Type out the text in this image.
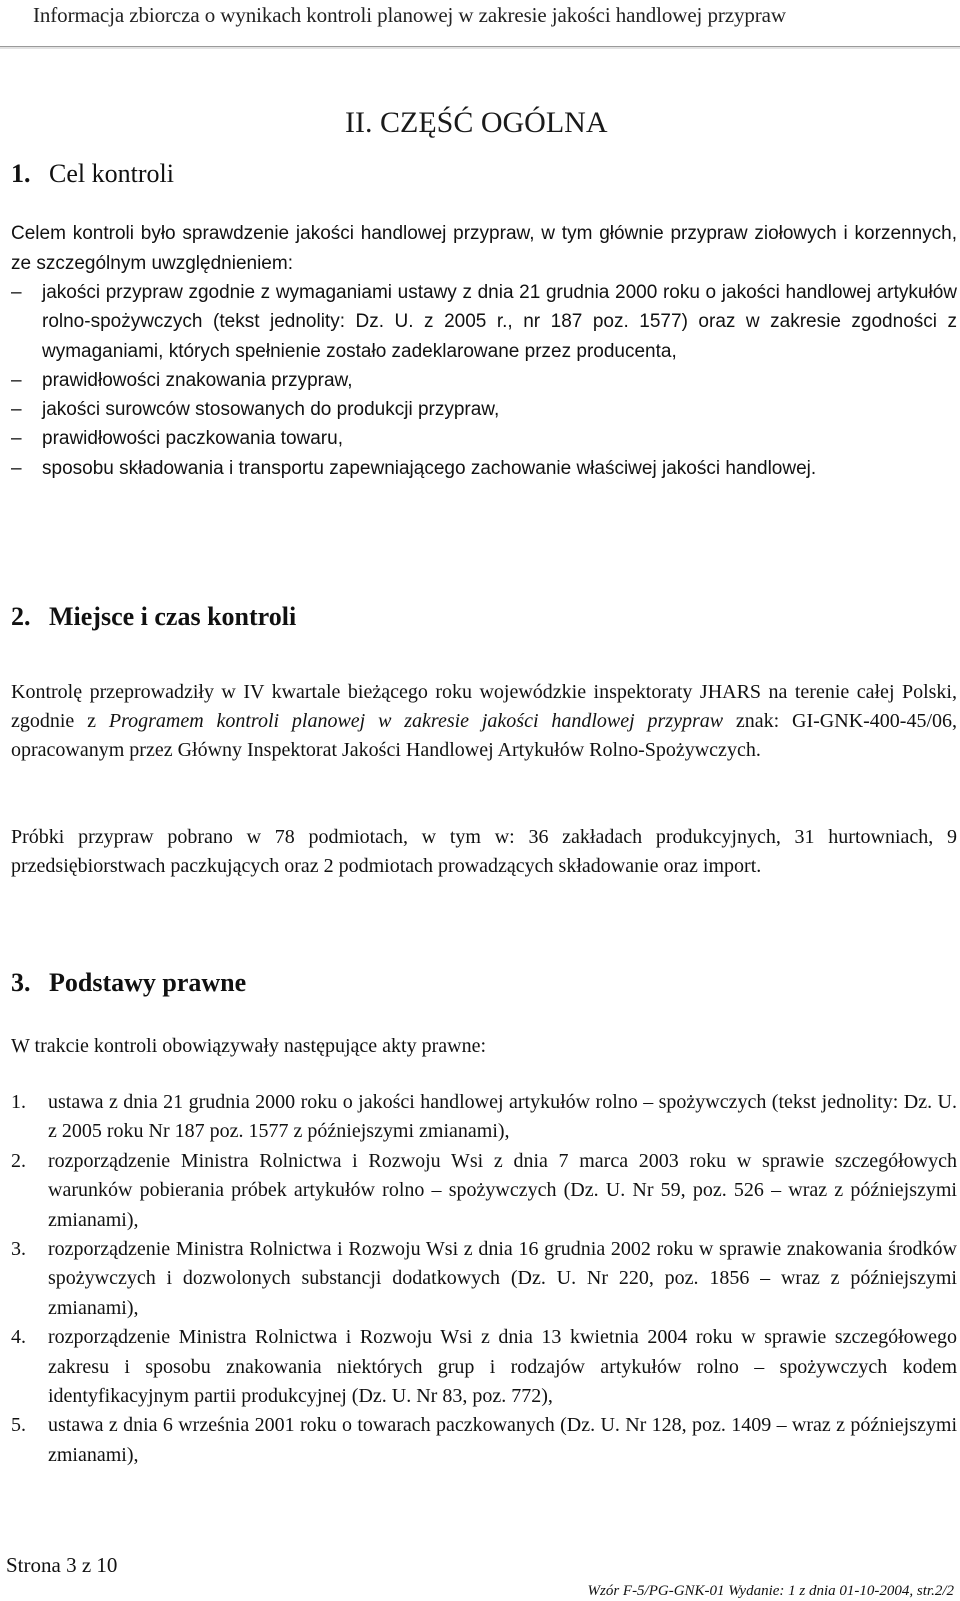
Informacja zbiorcza o wynikach kontroli planowej w zakresie jakości handlowej przypraw
II. CZĘŚĆ OGÓLNA
1. Cel kontroli
Celem kontroli było sprawdzenie jakości handlowej przypraw, w tym głównie przypraw ziołowych i korzennych, ze szczególnym uwzględnieniem:
– jakości przypraw zgodnie z wymaganiami ustawy z dnia 21 grudnia 2000 roku o jakości handlowej artykułów rolno-spożywczych (tekst jednolity: Dz. U. z 2005 r., nr 187 poz. 1577) oraz w zakresie zgodności z wymaganiami, których spełnienie zostało zadeklarowane przez producenta,
– prawidłowości znakowania przypraw,
– jakości surowców stosowanych do produkcji przypraw,
– prawidłowości paczkowania towaru,
– sposobu składowania i transportu zapewniającego zachowanie właściwej jakości handlowej.
2. Miejsce i czas kontroli
Kontrolę przeprowadziły w IV kwartale bieżącego roku wojewódzkie inspektoraty JHARS na terenie całej Polski, zgodnie z Programem kontroli planowej w zakresie jakości handlowej przypraw znak: GI-GNK-400-45/06, opracowanym przez Główny Inspektorat Jakości Handlowej Artykułów Rolno-Spożywczych.
Próbki przypraw pobrano w 78 podmiotach, w tym w: 36 zakładach produkcyjnych, 31 hurtowniach, 9 przedsiębiorstwach paczkujących oraz 2 podmiotach prowadzących składowanie oraz import.
3. Podstawy prawne
W trakcie kontroli obowiązywały następujące akty prawne:
1. ustawa z dnia 21 grudnia 2000 roku o jakości handlowej artykułów rolno – spożywczych (tekst jednolity: Dz. U. z 2005 roku Nr 187 poz. 1577 z późniejszymi zmianami),
2. rozporządzenie Ministra Rolnictwa i Rozwoju Wsi z dnia 7 marca 2003 roku w sprawie szczegółowych warunków pobierania próbek artykułów rolno – spożywczych (Dz. U. Nr 59, poz. 526 – wraz z późniejszymi zmianami),
3. rozporządzenie Ministra Rolnictwa i Rozwoju Wsi z dnia 16 grudnia 2002 roku w sprawie znakowania środków spożywczych i dozwolonych substancji dodatkowych (Dz. U. Nr 220, poz. 1856 – wraz z późniejszymi zmianami),
4. rozporządzenie Ministra Rolnictwa i Rozwoju Wsi z dnia 13 kwietnia 2004 roku w sprawie szczegółowego zakresu i sposobu znakowania niektórych grup i rodzajów artykułów rolno – spożywczych kodem identyfikacyjnym partii produkcyjnej (Dz. U. Nr 83, poz. 772),
5. ustawa z dnia 6 września 2001 roku o towarach paczkowanych (Dz. U. Nr 128, poz. 1409 – wraz z późniejszymi zmianami),
Strona 3 z 10
Wzór F-5/PG-GNK-01 Wydanie: 1 z dnia 01-10-2004, str.2/2
